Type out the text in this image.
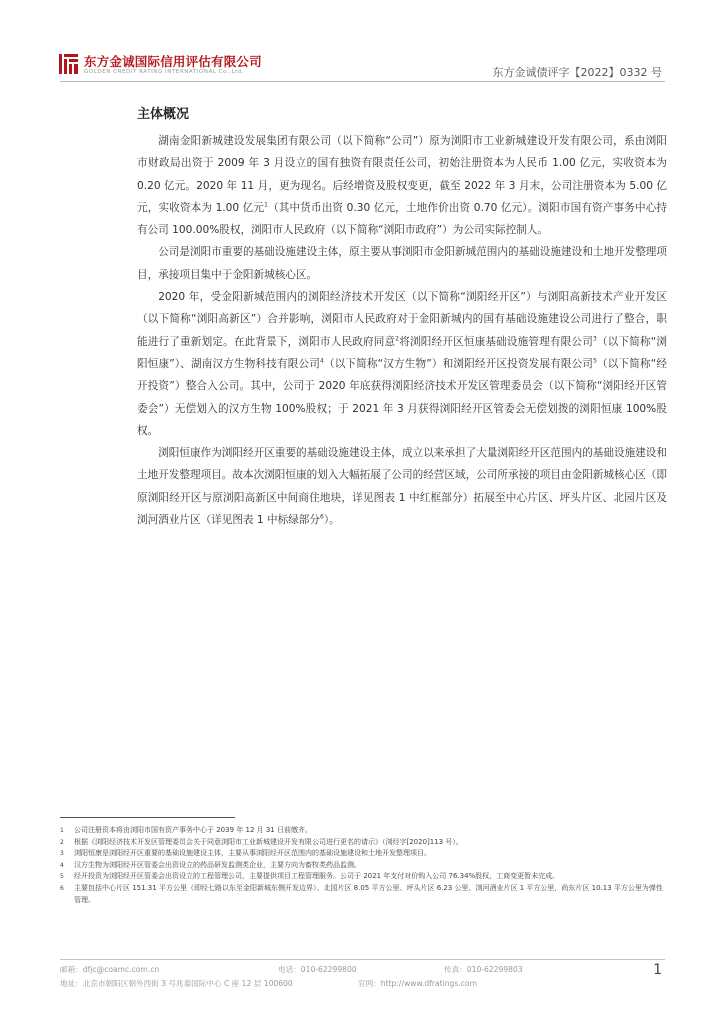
东方金诚国际信用评估有限公司
GOLDEN CREDIT RATING INTERNATIONAL Co.,Ltd.	东方金诚债评字【2022】0332 号
主体概况

湖南金阳新城建设发展集团有限公司（以下简称“公司”）原为浏阳市工业新城建设开发有限公司，系由浏阳市财政局出资于 2009 年 3 月设立的国有独资有限责任公司，初始注册资本为人民币 1.00 亿元，实收资本为 0.20 亿元。2020 年 11 月，更为现名。后经增资及股权变更，截至 2022 年 3 月末，公司注册资本为 5.00 亿元，实收资本为 1.00 亿元$^1$（其中货币出资 0.30 亿元，土地作价出资 0.70 亿元）。浏阳市国有资产事务中心持有公司 100.00%股权，浏阳市人民政府（以下简称“浏阳市政府”）为公司实际控制人。

公司是浏阳市重要的基础设施建设主体，原主要从事浏阳市金阳新城范围内的基础设施建设和土地开发整理项目，承接项目集中于金阳新城核心区。

2020 年，受金阳新城范围内的浏阳经济技术开发区（以下简称“浏阳经开区”）与浏阳高新技术产业开发区（以下简称“浏阳高新区”）合并影响，浏阳市人民政府对于金阳新城内的国有基础设施建设公司进行了整合，职能进行了重新划定。在此背景下，浏阳市人民政府同意$^2$将浏阳经开区恒康基础设施管理有限公司$^3$（以下简称“浏阳恒康”）、湖南汉方生物科技有限公司$^4$（以下简称“汉方生物”）和浏阳经开区投资发展有限公司$^5$（以下简称“经开投资”）整合入公司。其中，公司于 2020 年底获得浏阳经济技术开发区管理委员会（以下简称“浏阳经开区管委会”）无偿划入的汉方生物 100%股权；于 2021 年 3 月获得浏阳经开区管委会无偿划拨的浏阳恒康 100%股权。

浏阳恒康作为浏阳经开区重要的基础设施建设主体，成立以来承担了大量浏阳经开区范围内的基础设施建设和土地开发整理项目。故本次浏阳恒康的划入大幅拓展了公司的经营区域，公司所承接的项目由金阳新城核心区（即原浏阳经开区与原浏阳高新区中间商住地块，详见图表 1 中红框部分）拓展至中心片区、坪头片区、北园片区及浏河酒业片区（详见图表 1 中标绿部分$^6$）。

1	公司注册资本将由浏阳市国有资产事务中心于 2039 年 12 月 31 日前缴齐。
2	根据《浏阳经济技术开发区管理委员会关于同意浏阳市工业新城建设开发有限公司进行更名的请示》（浏经字[2020]113 号）。
3	浏阳恒康是浏阳经开区重要的基础设施建设主体，主要从事浏阳经开区范围内的基础设施建设和土地开发整理项目。
4	汉方生物为浏阳经开区管委会出资设立的药品研发监测类企业，主要方向为畜牧类药品监测。
5	经开投资为浏阳经开区管委会出资设立的工程管理公司，主要提供项目工程管理服务。公司于 2021 年支付对价购入公司 76.34%股权，工商变更暂未完成。
6	主要包括中心片区 151.31 平方公里（即经七路以东至金阳新城东侧开发边界）、北园片区 8.05 平方公里、坪头片区 6.23 公里、浏河酒业片区 1 平方公里，尚东片区 10.13 平方公里为弹性管理。
邮箱：dfjc@coamc.com.cn	电话：010-62299800	传真：010-62299803
地址：北京市朝阳区朝外西街 3 号兆泰国际中心 C 座 12 层 100600	官网：http://www.dfratings.com
1
